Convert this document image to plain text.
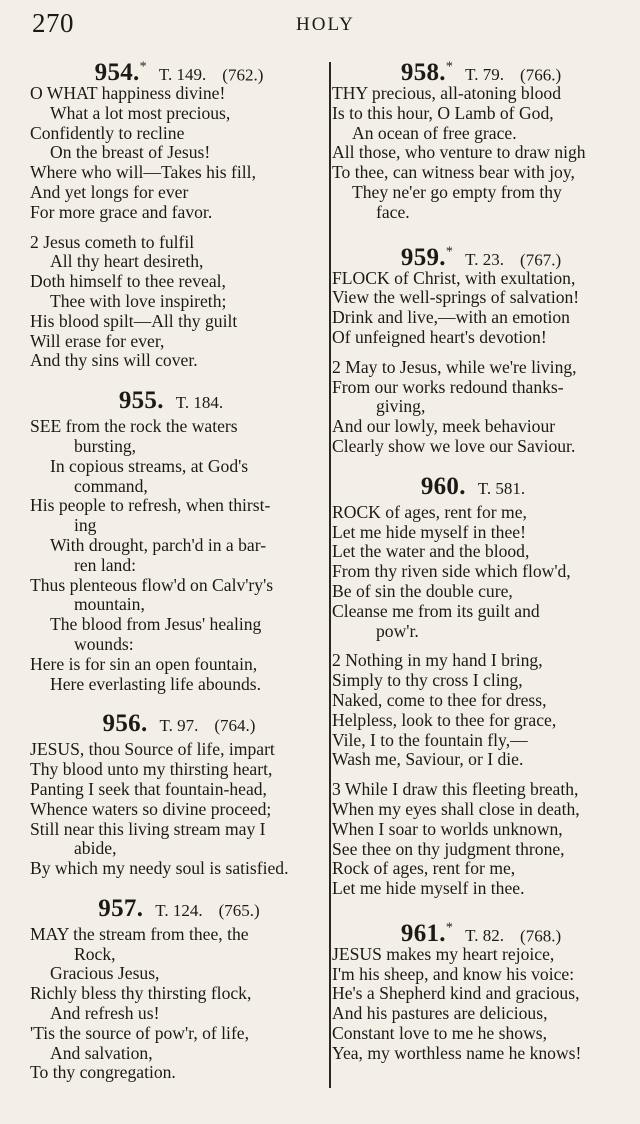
270	HOLY
954.* T. 149. (762.)
O WHAT happiness divine!
What a lot most precious,
Confidently to recline
On the breast of Jesus!
Where who will—Takes his fill,
And yet longs for ever
For more grace and favor.
2 Jesus cometh to fulfil
All thy heart desireth,
Doth himself to thee reveal,
Thee with love inspireth;
His blood spilt—All thy guilt
Will erase for ever,
And thy sins will cover.
955. T. 184.
SEE from the rock the waters
bursting,
In copious streams, at God's
command,
His people to refresh, when thirst-
ing
With drought, parch'd in a bar-
ren land:
Thus plenteous flow'd on Calv'ry's
mountain,
The blood from Jesus' healing
wounds:
Here is for sin an open fountain,
Here everlasting life abounds.
956. T. 97. (764.)
JESUS, thou Source of life, impart
Thy blood unto my thirsting heart,
Panting I seek that fountain-head,
Whence waters so divine proceed;
Still near this living stream may I
abide,
By which my needy soul is satisfied.
957. T. 124. (765.)
MAY the stream from thee, the
Rock,
Gracious Jesus,
Richly bless thy thirsting flock,
And refresh us!
'Tis the source of pow'r, of life,
And salvation,
To thy congregation.
958.* T. 79. (766.)
THY precious, all-atoning blood
Is to this hour, O Lamb of God,
An ocean of free grace.
All those, who venture to draw nigh
To thee, can witness bear with joy,
They ne'er go empty from thy
face.
959.* T. 23. (767.)
FLOCK of Christ, with exultation,
View the well-springs of salvation!
Drink and live,—with an emotion
Of unfeigned heart's devotion!
2 May to Jesus, while we're living,
From our works redound thanks-
giving,
And our lowly, meek behaviour
Clearly show we love our Saviour.
960. T. 581.
ROCK of ages, rent for me,
Let me hide myself in thee!
Let the water and the blood,
From thy riven side which flow'd,
Be of sin the double cure,
Cleanse me from its guilt and
pow'r.
2 Nothing in my hand I bring,
Simply to thy cross I cling,
Naked, come to thee for dress,
Helpless, look to thee for grace,
Vile, I to the fountain fly,—
Wash me, Saviour, or I die.
3 While I draw this fleeting breath,
When my eyes shall close in death,
When I soar to worlds unknown,
See thee on thy judgment throne,
Rock of ages, rent for me,
Let me hide myself in thee.
961.* T. 82. (768.)
JESUS makes my heart rejoice,
I'm his sheep, and know his voice:
He's a Shepherd kind and gracious,
And his pastures are delicious,
Constant love to me he shows,
Yea, my worthless name he knows!
